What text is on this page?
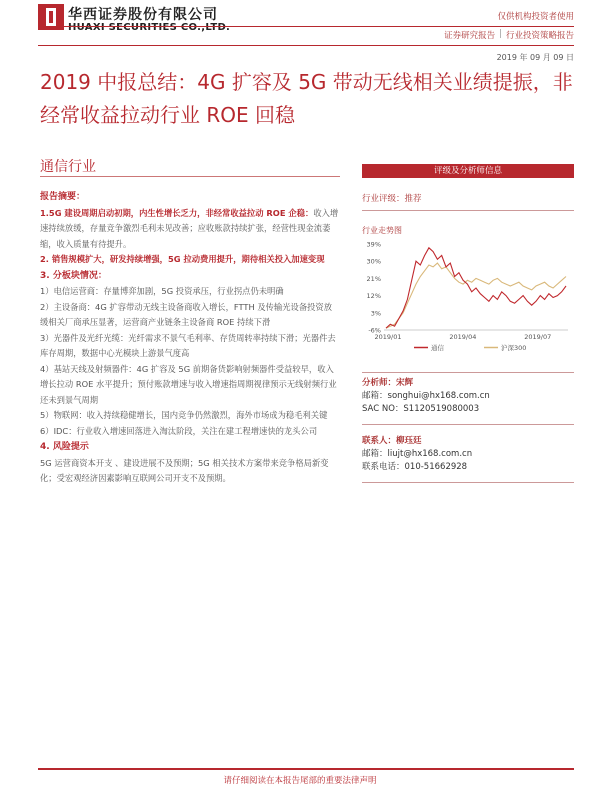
华西证券股份有限公司
HUAXI SECURITIES CO.,LTD.
仅供机构投资者使用
证券研究报告 | 行业投资策略报告
2019 年 09 月 09 日
2019 中报总结：4G 扩容及 5G 带动无线相关业绩提振，非经常收益拉动行业 ROE 回稳
通信行业

报告摘要：

1.5G 建设周期启动初期，内生性增长乏力，非经常收益拉动 ROE 企稳：收入增速持续放缓，存量竞争激烈毛利未见改善；应收账款持续扩张，经营性现金流萎缩，收入质量有待提升。

2. 销售规模扩大，研发持续增强，5G 拉动费用提升，期待相关投入加速变现

3. 分板块情况：

1）电信运营商：存量博弈加剧，5G 投资承压，行业拐点仍未明确

2）主设备商：4G 扩容带动无线主设备商收入增长，FTTH 及传输光设备投资放缓相关厂商承压显著，运营商产业链条主设备商 ROE 持续下滑

3）光器件及光纤光缆：光纤需求不景气毛利率、存货周转率持续下滑；光器件去库存周期，数据中心光模块上游景气度高

4）基站天线及射频器件：4G 扩容及 5G 前期备货影响射频器件受益较早，收入增长拉动 ROE 水平提升；预付账款增速与收入增速指周期视律预示无线射频行业还未到景气周期

5）物联网：收入持续稳健增长，国内竞争仍然激烈，海外市场成为稳毛利关键

6）IDC：行业收入增速回落进入淘汰阶段，关注在建工程增速快的龙头公司

4. 风险提示

5G 运营商资本开支 、建设进展不及预期；5G 相关技术方案带来竞争格局新变化；受宏观经济因素影响互联网公司开支不及预期。

评级及分析师信息
行业评级：推荐
行业走势图
-6%
3%
12%
21%
30%
39%
2019/01	2019/04	2019/07
通信	沪深300
分析师：宋辉
邮箱：songhui@hx168.com.cn
SAC NO：S1120519080003
联系人：柳珏廷
邮箱：liujt@hx168.com.cn
联系电话：010-51662928
请仔细阅读在本报告尾部的重要法律声明
